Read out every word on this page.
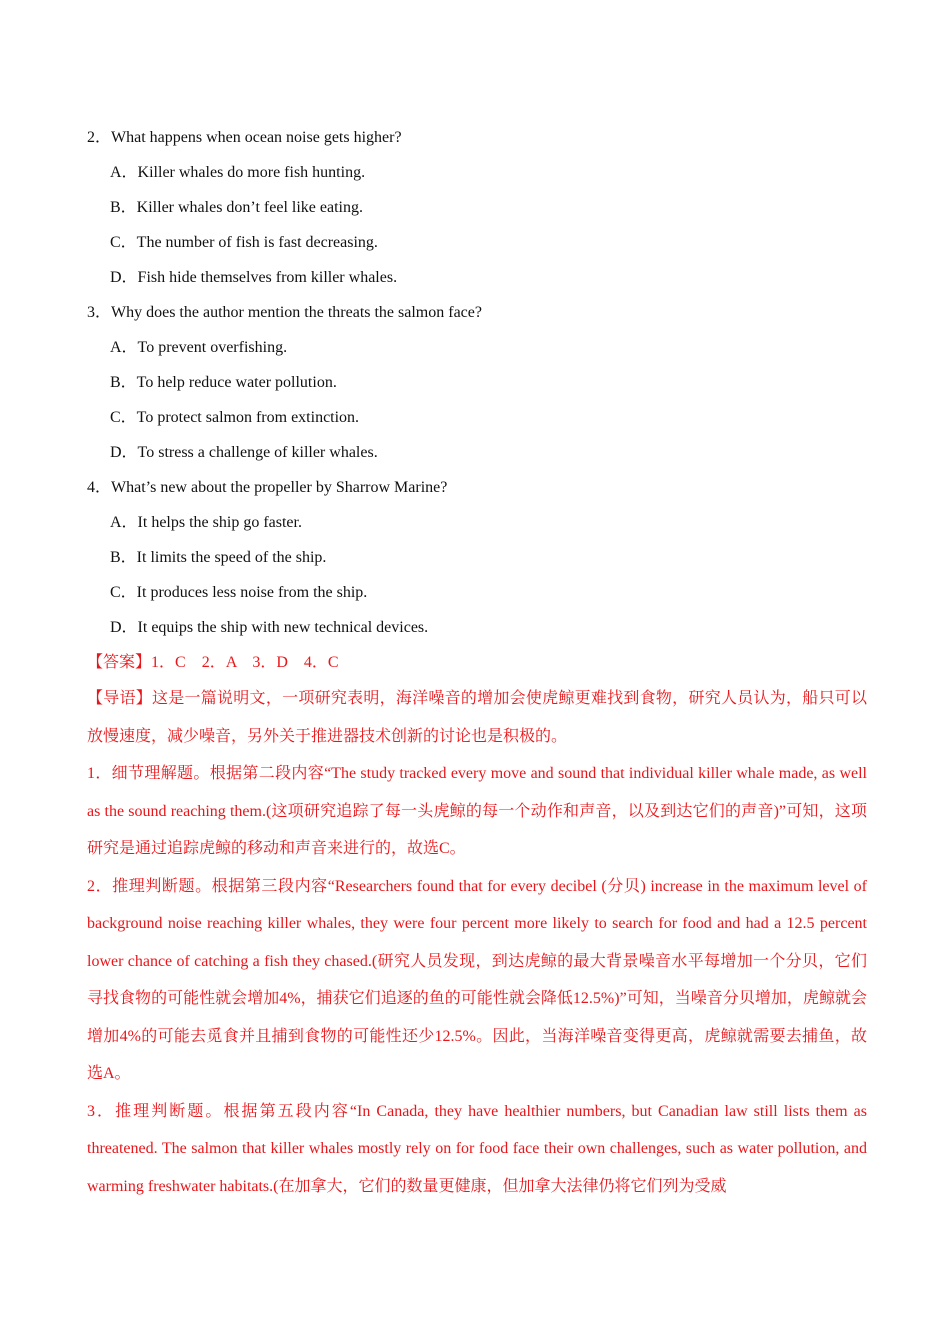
2．What happens when ocean noise gets higher?

A．Killer whales do more fish hunting.

B．Killer whales don’t feel like eating.

C．The number of fish is fast decreasing.

D．Fish hide themselves from killer whales.

3．Why does the author mention the threats the salmon face?

A．To prevent overfishing.

B．To help reduce water pollution.

C．To protect salmon from extinction.

D．To stress a challenge of killer whales.

4．What’s new about the propeller by Sharrow Marine?

A．It helps the ship go faster.

B．It limits the speed of the ship.

C．It produces less noise from the ship.

D．It equips the ship with new technical devices.

【答案】1．C　2．A　3．D　4．C

【导语】这是一篇说明文，一项研究表明，海洋噪音的增加会使虎鲸更难找到食物，研究人员认为，船只可以放慢速度，减少噪音，另外关于推进器技术创新的讨论也是积极的。

1．细节理解题。根据第二段内容“The study tracked every move and sound that individual killer whale made, as well as the sound reaching them.(这项研究追踪了每一头虎鲸的每一个动作和声音，以及到达它们的声音)”可知，这项研究是通过追踪虎鲸的移动和声音来进行的，故选C。

2．推理判断题。根据第三段内容“Researchers found that for every decibel (分贝) increase in the maximum level of background noise reaching killer whales, they were four percent more likely to search for food and had a 12.5 percent lower chance of catching a fish they chased.(研究人员发现，到达虎鲸的最大背景噪音水平每增加一个分贝，它们寻找食物的可能性就会增加4%，捕获它们追逐的鱼的可能性就会降低12.5%)”可知，当噪音分贝增加，虎鲸就会增加4%的可能去觅食并且捕到食物的可能性还少12.5%。因此，当海洋噪音变得更高，虎鲸就需要去捕鱼，故选A。

3．推理判断题。根据第五段内容“In Canada, they have healthier numbers, but Canadian law still lists them as threatened. The salmon that killer whales mostly rely on for food face their own challenges, such as water pollution, and warming freshwater habitats.(在加拿大，它们的数量更健康，但加拿大法律仍将它们列为受威
